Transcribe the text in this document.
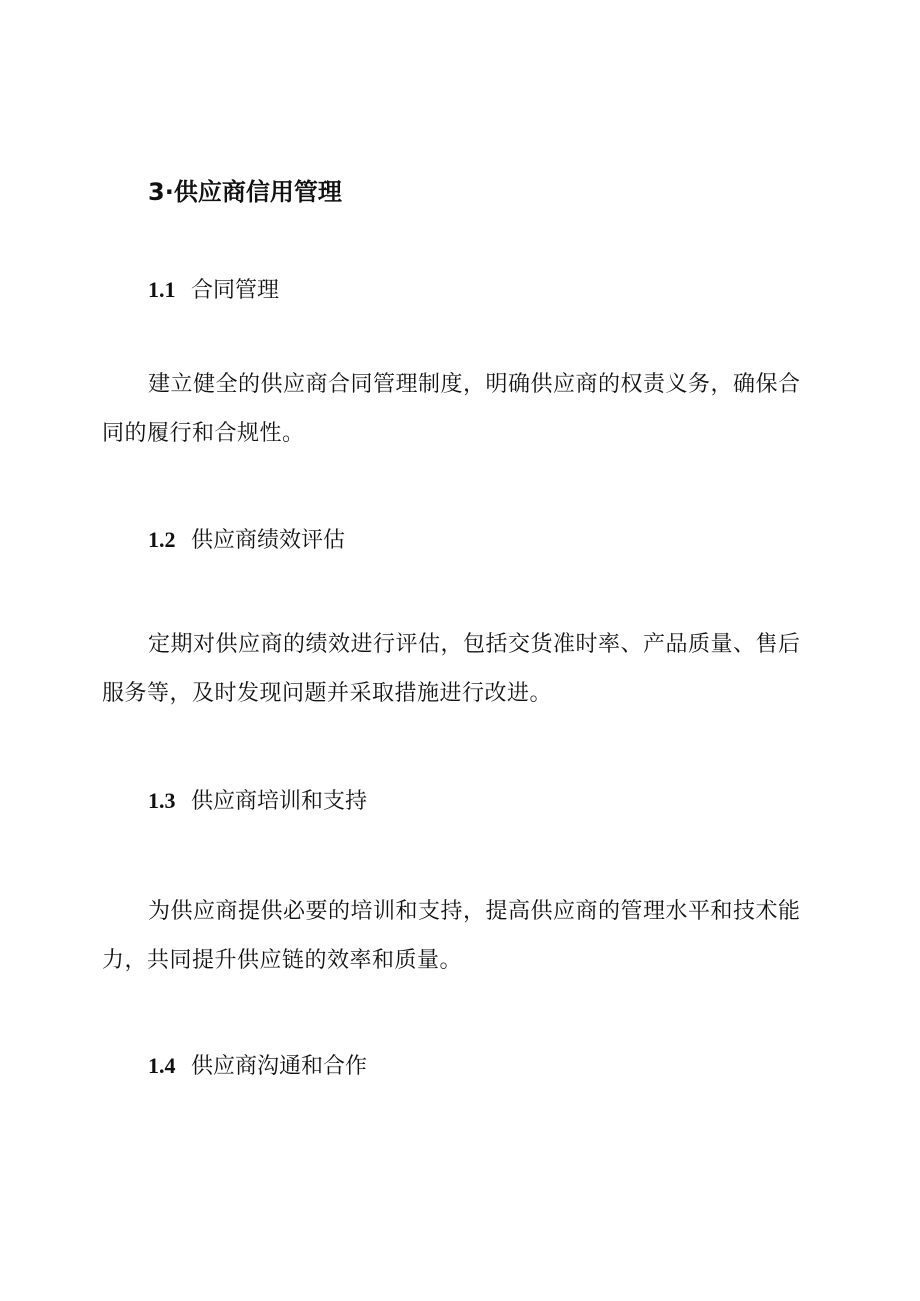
3·供应商信用管理
1.1 合同管理
建立健全的供应商合同管理制度，明确供应商的权责义务，确保合同的履行和合规性。
1.2 供应商绩效评估
定期对供应商的绩效进行评估，包括交货准时率、产品质量、售后服务等，及时发现问题并采取措施进行改进。
1.3 供应商培训和支持
为供应商提供必要的培训和支持，提高供应商的管理水平和技术能力，共同提升供应链的效率和质量。
1.4 供应商沟通和合作
